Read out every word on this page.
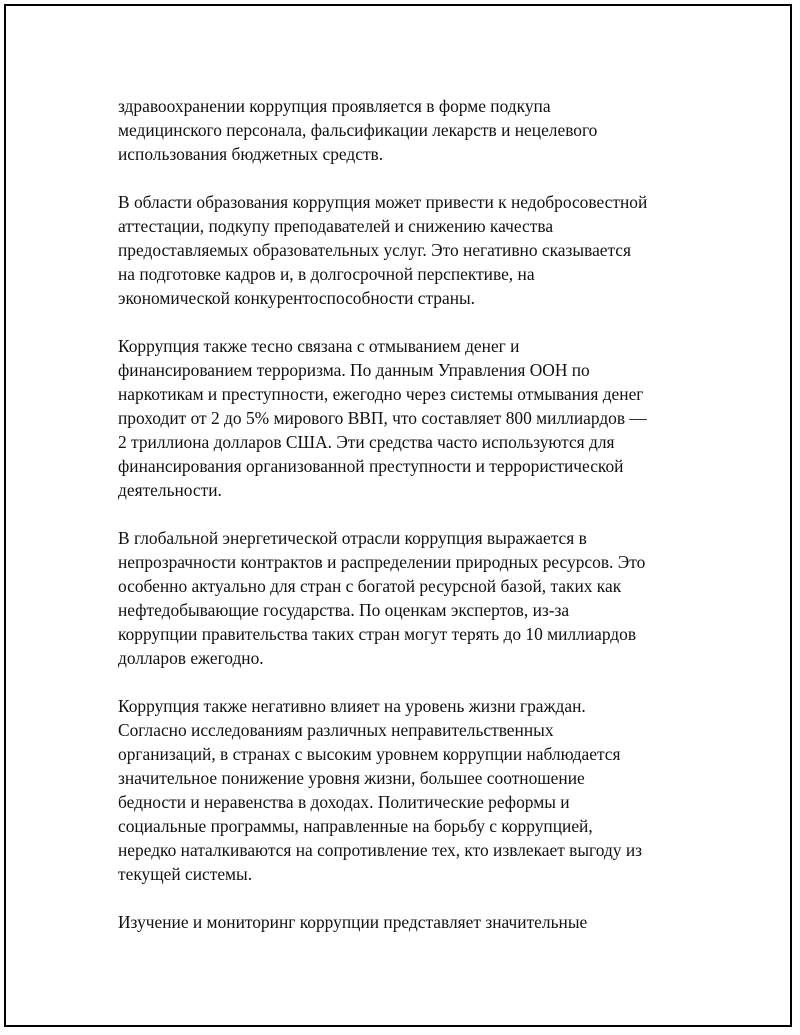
здравоохранении коррупция проявляется в форме подкупа
медицинского персонала, фальсификации лекарств и нецелевого
использования бюджетных средств.
В области образования коррупция может привести к недобросовестной
аттестации, подкупу преподавателей и снижению качества
предоставляемых образовательных услуг. Это негативно сказывается
на подготовке кадров и, в долгосрочной перспективе, на
экономической конкурентоспособности страны.
Коррупция также тесно связана с отмыванием денег и
финансированием терроризма. По данным Управления ООН по
наркотикам и преступности, ежегодно через системы отмывания денег
проходит от 2 до 5% мирового ВВП, что составляет 800 миллиардов —
2 триллиона долларов США. Эти средства часто используются для
финансирования организованной преступности и террористической
деятельности.
В глобальной энергетической отрасли коррупция выражается в
непрозрачности контрактов и распределении природных ресурсов. Это
особенно актуально для стран с богатой ресурсной базой, таких как
нефтедобывающие государства. По оценкам экспертов, из-за
коррупции правительства таких стран могут терять до 10 миллиардов
долларов ежегодно.
Коррупция также негативно влияет на уровень жизни граждан.
Согласно исследованиям различных неправительственных
организаций, в странах с высоким уровнем коррупции наблюдается
значительное понижение уровня жизни, большее соотношение
бедности и неравенства в доходах. Политические реформы и
социальные программы, направленные на борьбу с коррупцией,
нередко наталкиваются на сопротивление тех, кто извлекает выгоду из
текущей системы.
Изучение и мониторинг коррупции представляет значительные
